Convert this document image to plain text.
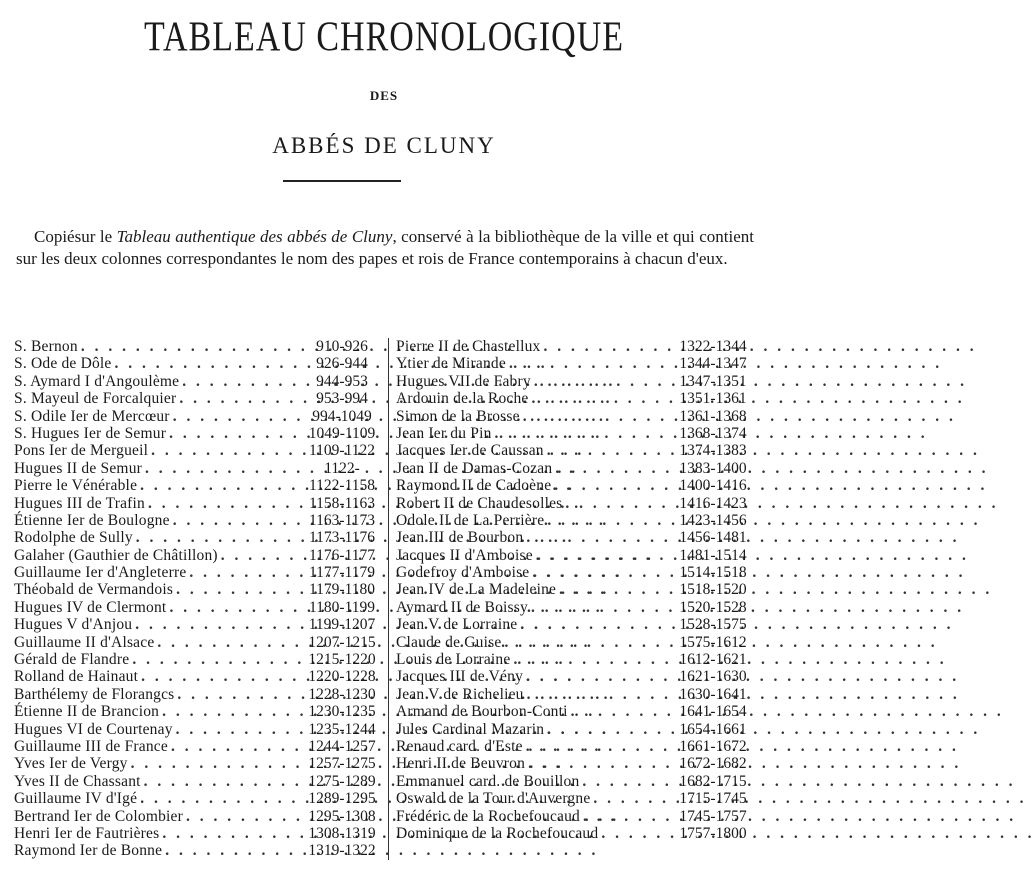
TABLEAU CHRONOLOGIQUE
DES
ABBÉS DE CLUNY
Copiésur le Tableau authentique des abbés de Cluny, conservé à la bibliothèque de la ville et qui contient sur les deux colonnes correspondantes le nom des papes et rois de France contemporains à chacun d'eux.
S. Bernon . . .	910-926
S. Ode de Dôle . . .	926-944
S. Aymard I d'Angoulème . . .	944-953
S. Mayeul de Forcalquier . . .	953-994
S. Odile Ier de Mercœur . . .	994-1049
S. Hugues Ier de Semur . . .	1049-1109
Pons Ier de Mergueil . . .	1109-1122
Hugues II de Semur . . .	1122-
Pierre le Vénérable . . .	1122-1158
Hugues III de Trafin . . .	1158-1163
Étienne Ier de Boulogne . . .	1163-1173
Rodolphe de Sully . . .	1173-1176
Galaher (Gauthier de Châtillon) . . .	1176-1177
Guillaume Ier d'Angleterre . . .	1177-1179
Théobald de Vermandois . . .	1179-1180
Hugues IV de Clermont . . .	1180-1199
Hugues V d'Anjou . . .	1199-1207
Guillaume II d'Alsace . . .	1207-1215
Gérald de Flandre . . .	1215-1220
Rolland de Hainaut . . .	1220-1228
Barthélemy de Florangcs . . .	1228-1230
Étienne II de Brancion . . .	1230-1235
Hugues VI de Courtenay . . .	1235-1244
Guillaume III de France . . .	1244-1257
Yves Ier de Vergy . . .	1257-1275
Yves II de Chassant . . .	1275-1289
Guillaume IV d'Igé . . .	1289-1295
Bertrand Ier de Colombier . . .	1295-1308
Henri Ier de Fautrières . . .	1308-1319
Raymond Ier de Bonne . . .	1319-1322
Pierre II de Chastellux . . .	1322-1344
Ytier de Mirande . . .	1344-1347
Hugues VII de Fabry . . .	1347-1351
Ardouin de la Roche . . .	1351-1361
Simon de la Brosse . . .	1361-1368
Jean Ier du Pin . . .	1368-1374
Jacques Ier de Caussan . . .	1374-1383
Jean II de Damas-Cozan . . .	1383-1400
Raymond II de Cadoène . . .	1400-1416
Robert II de Chaudesolles . . .	1416-1423
Odole II de La Perrière . . .	1423-1456
Jean III de Bourbon . . .	1456-1481
Jacques II d'Amboise . . .	1481-1514
Godefroy d'Amboise . . .	1514-1518
Jean IV de La Madeleine . . .	1518-1520
Aymard II de Boissy . . .	1520-1528
Jean V de Lorraine . . .	1528-1575
Claude de Guise . . .	1575-1612
Louis de Lorraine . . .	1612-1621
Jacques III de Vény . . .	1621-1630
Jean V de Richelieu . . .	1630-1641
Armand de Bourbon-Conti . . .	1641-1654
Jules Cardinal Mazarin . . .	1654-1661
Renaud card. d'Este . . .	1661-1672
Henri II de Beuvron . . .	1672-1682
Emmanuel card. de Bouillon . . .	1682-1715
Oswald de la Tour d'Auvergne . . .	1715-1745
Frédéric de la Rochefoucaud . . .	1745-1757
Dominique de la Rochefoucaud . . .	1757-1800
